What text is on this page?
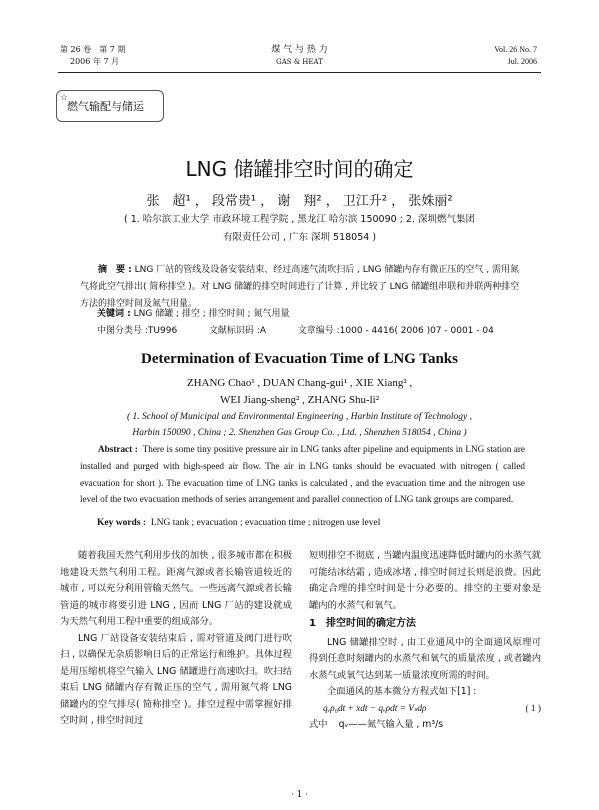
第 26 卷　第 7 期
2006 年 7 月
煤 气 与 热 力
GAS & HEAT
Vol. 26 No. 7
Jul. 2006
☆
燃气输配与储运
LNG 储罐排空时间的确定
张　超¹ ， 段常贵¹ ， 谢　翔² ， 卫江升² ， 张姝丽²
( 1. 哈尔滨工业大学 市政环境工程学院 , 黑龙江 哈尔滨 150090 ; 2. 深圳燃气集团
有限责任公司 , 广东 深圳 518054 )

摘　要 : LNG 厂站的管线及设备安装结束、经过高速气流吹扫后 , LNG 储罐内存有微正压的空气 , 需用氮气将此空气排出( 简称排空 )。对 LNG 储罐的排空时间进行了计算 , 并比较了 LNG 储罐组串联和并联两种排空方法的排空时间及氮气用量。

关键词 : LNG 储罐 ; 排空 ; 排空时间 ; 氮气用量
中图分类号 :TU996	文献标识码 :A	文章编号 :1000 - 4416( 2006 )07 - 0001 - 04
Determination of Evacuation Time of LNG Tanks
ZHANG Chao¹ , DUAN Chang-gui¹ , XIE Xiang² ,
WEI Jiang-sheng² , ZHANG Shu-li²
( 1. School of Municipal and Environmental Engineering , Harbin Institute of Technology ,
Harbin 150090 , China ; 2. Shenzhen Gas Group Co. , Ltd. , Shenzhen 518054 , China )

Abstract : There is some tiny positive pressure air in LNG tanks after pipeline and equipments in LNG station are installed and purged with high-speed air flow. The air in LNG tanks should be evacuated with nitrogen ( called evacuation for short ). The evacuation time of LNG tanks is calculated , and the evacuation time and the nitrogen use level of the two evacuation methods of series arrangement and parallel connection of LNG tank groups are compared.

Key words : LNG tank ; evacuation ; evacuation time ; nitrogen use level

随着我国天然气利用步伐的加快 , 很多城市都在积极地建设天然气利用工程。距离气源或者长输管道较近的城市 , 可以充分利用管输天然气。一些远离气源或者长输管道的城市将要引进 LNG , 因而 LNG 厂站的建设就成为天然气利用工程中重要的组成部分。

LNG 厂站设备安装结束后 , 需对管道及阀门进行吹扫 , 以确保无杂质影响日后的正常运行和维护。具体过程是用压缩机将空气输入 LNG 储罐进行高速吹扫。吹扫结束后 LNG 储罐内存有微正压的空气 , 需用氮气将 LNG 储罐内的空气排尽( 简称排空 )。排空过程中需掌握好排空时间 , 排空时间过

短则排空不彻底 , 当罐内温度迅速降低时罐内的水蒸气就可能结冰结霜 , 造成冰堵 , 排空时间过长则是浪费。因此确定合理的排空时间是十分必要的。排空的主要对象是罐内的水蒸气和氧气。

1　排空时间的确定方法

LNG 储罐排空时 , 由工业通风中的全面通风原理可得到任意时刻罐内的水蒸气和氧气的质量浓度 , 或者罐内水蒸气或氧气达到某一质量浓度所需的时间。

全面通风的基本微分方程式如下[1] :

qᵥρ₀dt + xdt − qᵥρdt = Vₛdρ	( 1 )

式中 qᵥ——氮气输入量 , m³/s

· 1 ·
